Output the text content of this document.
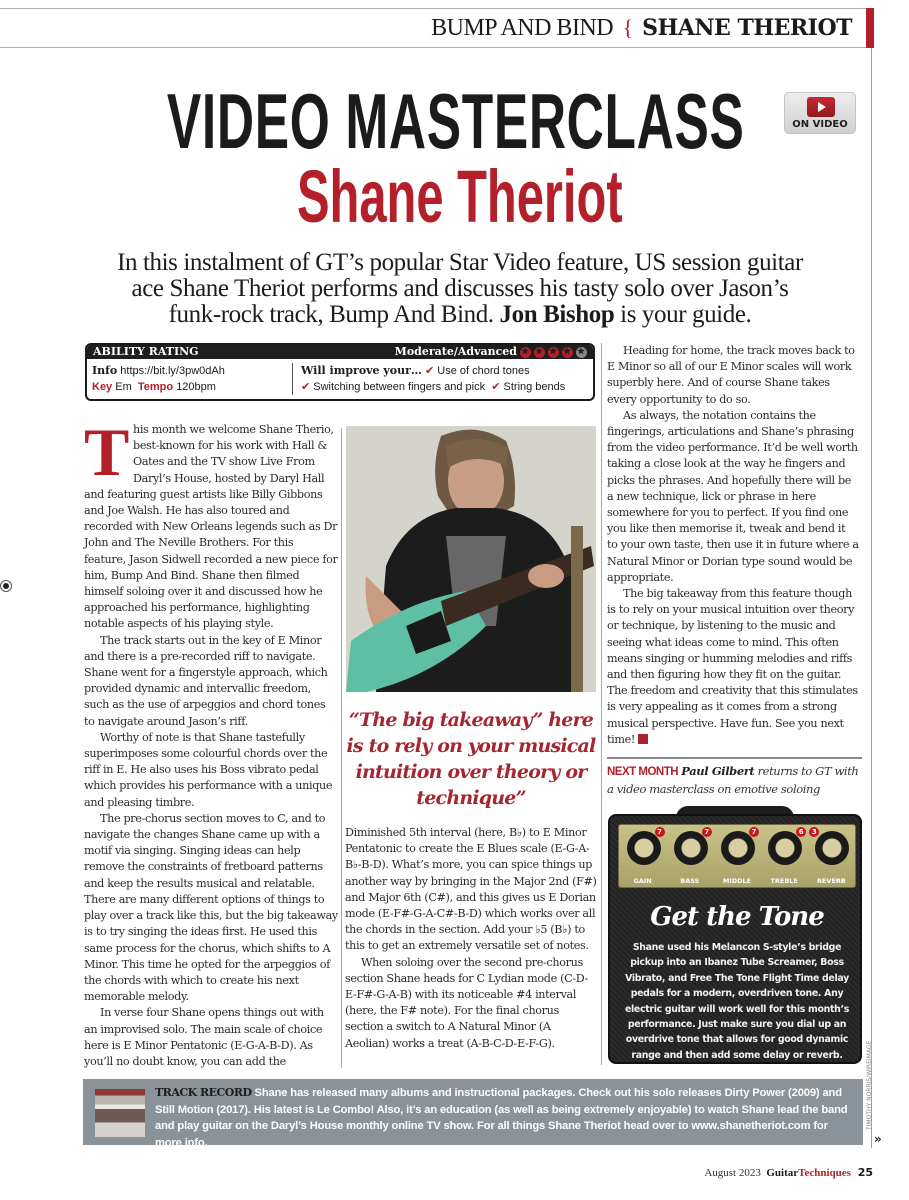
BUMP AND BIND { SHANE THERIOT
VIDEO MASTERCLASS
Shane Theriot
ON VIDEO
In this instalment of GT’s popular Star Video feature, US session guitar ace Shane Theriot performs and discusses his tasty solo over Jason’s funk-rock track, Bump And Bind. Jon Bishop is your guide.
ABILITY RATING	Moderate/Advanced
★
★
★
★
★
Info https://bit.ly/3pw0dAh
Key Em Tempo 120bpm
Will improve your… ✔ Use of chord tones
✔ Switching between fingers and pick ✔ String bends

This month we welcome Shane Therio, best-known for his work with Hall & Oates and the TV show Live From Daryl’s House, hosted by Daryl Hall and featuring guest artists like Billy Gibbons and Joe Walsh. He has also toured and recorded with New Orleans legends such as Dr John and The Neville Brothers. For this feature, Jason Sidwell recorded a new piece for him, Bump And Bind. Shane then filmed himself soloing over it and discussed how he approached his performance, highlighting notable aspects of his playing style.

The track starts out in the key of E Minor and there is a pre-recorded riff to navigate. Shane went for a fingerstyle approach, which provided dynamic and intervallic freedom, such as the use of arpeggios and chord tones to navigate around Jason’s riff.

Worthy of note is that Shane tastefully superimposes some colourful chords over the riff in E. He also uses his Boss vibrato pedal which provides his performance with a unique and pleasing timbre.

The pre-chorus section moves to C, and to navigate the changes Shane came up with a motif via singing. Singing ideas can help remove the constraints of fretboard patterns and keep the results musical and relatable. There are many different options of things to play over a track like this, but the big takeaway is to try singing the ideas first. He used this same process for the chorus, which shifts to A Minor. This time he opted for the arpeggios of the chords with which to create his next memorable melody.

In verse four Shane opens things out with an improvised solo. The main scale of choice here is E Minor Pentatonic (E-G-A-B-D). As you’ll no doubt know, you can add the

“The big takeaway” here is to rely on your musical intuition over theory or technique”

Diminished 5th interval (here, B♭) to E Minor Pentatonic to create the E Blues scale (E-G-A-B♭-B-D). What’s more, you can spice things up another way by bringing in the Major 2nd (F#) and Major 6th (C#), and this gives us E Dorian mode (E-F#-G-A-C#-B-D) which works over all the chords in the section. Add your ♭5 (B♭) to this to get an extremely versatile set of notes.

When soloing over the second pre-chorus section Shane heads for C Lydian mode (C-D-E-F#-G-A-B) with its noticeable #4 interval (here, the F# note). For the final chorus section a switch to A Natural Minor (A Aeolian) works a treat (A-B-C-D-E-F-G).

Heading for home, the track moves back to E Minor so all of our E Minor scales will work superbly here. And of course Shane takes every opportunity to do so.

As always, the notation contains the fingerings, articulations and Shane’s phrasing from the video performance. It’d be well worth taking a close look at the way he fingers and picks the phrases. And hopefully there will be a new technique, lick or phrase in here somewhere for you to perfect. If you find one you like then memorise it, tweak and bend it to your own taste, then use it in future where a Natural Minor or Dorian type sound would be appropriate.

The big takeaway from this feature though is to rely on your musical intuition over theory or technique, by listening to the music and seeing what ideas come to mind. This often means singing or humming melodies and riffs and then figuring how they fit on the guitar. The freedom and creativity that this stimulates is very appealing as it comes from a strong musical perspective. Have fun. See you next time!

NEXT MONTH Paul Gilbert returns to GT with a video masterclass on emotive soloing
7
GAIN
7
BASS
7
MIDDLE
6
TREBLE
3
REVERB
Get the Tone
Shane used his Melancon S-style’s bridge pickup into an Ibanez Tube Screamer, Boss Vibrato, and Free The Tone Flight Time delay pedals for a modern, overdriven tone. Any electric guitar will work well for this month’s performance. Just make sure you dial up an overdrive tone that allows for good dynamic range and then add some delay or reverb.	TIMOTHY NORRIS/WIREIMAGE
TRACK RECORD Shane has released many albums and instructional packages. Check out his solo releases Dirty Power (2009) and Still Motion (2017). His latest is Le Combo! Also, it’s an education (as well as being extremely enjoyable) to watch Shane lead the band and play guitar on the Daryl’s House monthly online TV show. For all things Shane Theriot head over to www.shanetheriot.com for more info.	»
August 2023 GuitarTechniques 25
